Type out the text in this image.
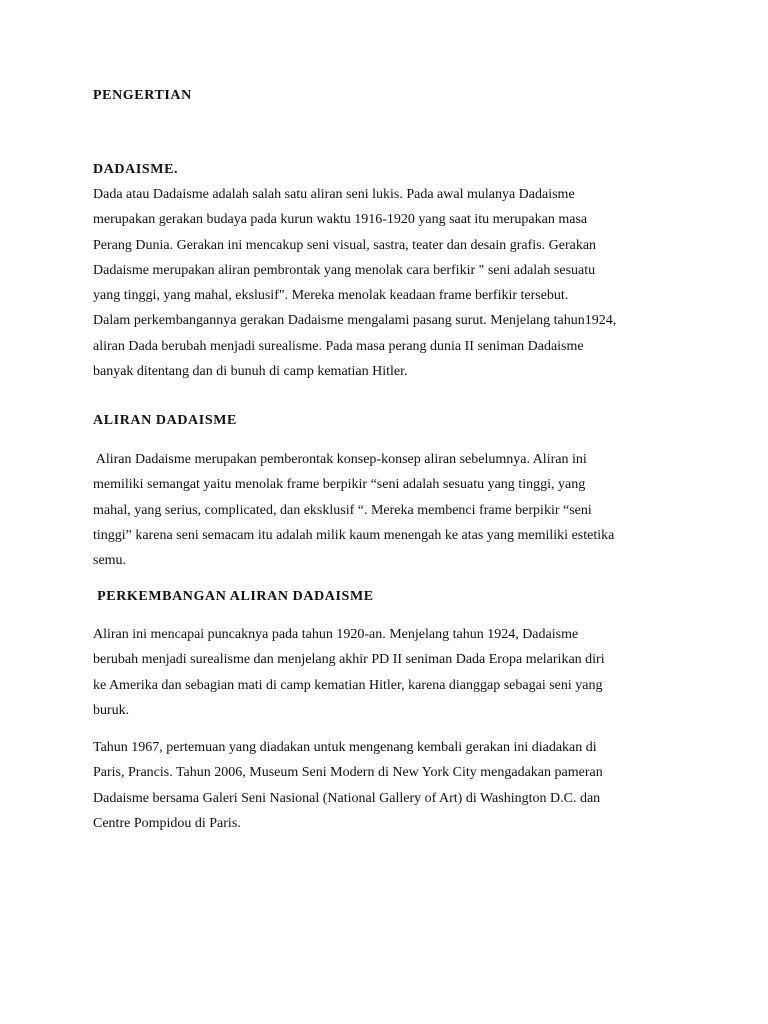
PENGERTIAN
DADAISME.
Dada atau Dadaisme adalah salah satu aliran seni lukis. Pada awal mulanya Dadaisme
merupakan gerakan budaya pada kurun waktu 1916-1920 yang saat itu merupakan masa
Perang Dunia. Gerakan ini mencakup seni visual, sastra, teater dan desain grafis. Gerakan
Dadaisme merupakan aliran pembrontak yang menolak cara berfikir " seni adalah sesuatu
yang tinggi, yang mahal, ekslusif". Mereka menolak keadaan frame berfikir tersebut.
Dalam perkembangannya gerakan Dadaisme mengalami pasang surut. Menjelang tahun1924,
aliran Dada berubah menjadi surealisme. Pada masa perang dunia II seniman Dadaisme
banyak ditentang dan di bunuh di camp kematian Hitler.
ALIRAN DADAISME
Aliran Dadaisme merupakan pemberontak konsep-konsep aliran sebelumnya. Aliran ini
memiliki semangat yaitu menolak frame berpikir “seni adalah sesuatu yang tinggi, yang
mahal, yang serius, complicated, dan eksklusif “. Mereka membenci frame berpikir “seni
tinggi” karena seni semacam itu adalah milik kaum menengah ke atas yang memiliki estetika
semu.
PERKEMBANGAN ALIRAN DADAISME
Aliran ini mencapai puncaknya pada tahun 1920-an. Menjelang tahun 1924, Dadaisme
berubah menjadi surealisme dan menjelang akhir PD II seniman Dada Eropa melarikan diri
ke Amerika dan sebagian mati di camp kematian Hitler, karena dianggap sebagai seni yang
buruk.
Tahun 1967, pertemuan yang diadakan untuk mengenang kembali gerakan ini diadakan di
Paris, Prancis. Tahun 2006, Museum Seni Modern di New York City mengadakan pameran
Dadaisme bersama Galeri Seni Nasional (National Gallery of Art) di Washington D.C. dan
Centre Pompidou di Paris.
